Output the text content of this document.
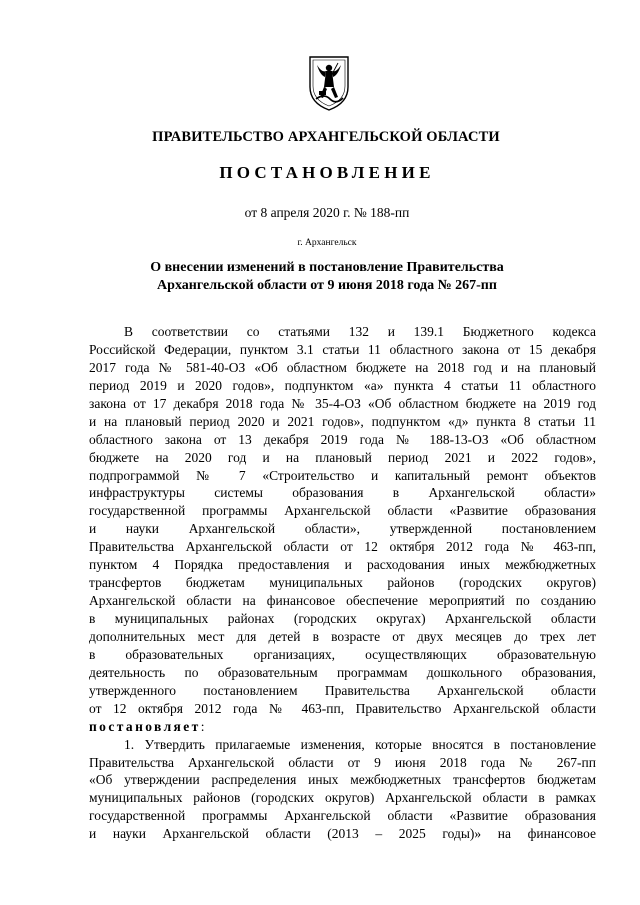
ПРАВИТЕЛЬСТВО АРХАНГЕЛЬСКОЙ ОБЛАСТИ
ПОСТАНОВЛЕНИЕ
от 8 апреля 2020 г. № 188-пп
г. Архангельск
О внесении изменений в постановление Правительства
Архангельской области от 9 июня 2018 года № 267-пп
В соответствии со статьями 132 и 139.1 Бюджетного кодекса
Российской Федерации, пунктом 3.1 статьи 11 областного закона от 15 декабря
2017 года № 581-40-ОЗ «Об областном бюджете на 2018 год и на плановый
период 2019 и 2020 годов», подпунктом «а» пункта 4 статьи 11 областного
закона от 17 декабря 2018 года № 35-4-ОЗ «Об областном бюджете на 2019 год
и на плановый период 2020 и 2021 годов», подпунктом «д» пункта 8 статьи 11
областного закона от 13 декабря 2019 года № 188-13-ОЗ «Об областном
бюджете на 2020 год и на плановый период 2021 и 2022 годов»,
подпрограммой № 7 «Строительство и капитальный ремонт объектов
инфраструктуры системы образования в Архангельской области»
государственной программы Архангельской области «Развитие образования
и науки Архангельской области», утвержденной постановлением
Правительства Архангельской области от 12 октября 2012 года № 463-пп,
пунктом 4 Порядка предоставления и расходования иных межбюджетных
трансфертов бюджетам муниципальных районов (городских округов)
Архангельской области на финансовое обеспечение мероприятий по созданию
в муниципальных районах (городских округах) Архангельской области
дополнительных мест для детей в возрасте от двух месяцев до трех лет
в образовательных организациях, осуществляющих образовательную
деятельность по образовательным программам дошкольного образования,
утвержденного постановлением Правительства Архангельской области
от 12 октября 2012 года № 463-пп, Правительство Архангельской области
постановляет:
1. Утвердить прилагаемые изменения, которые вносятся в постановление
Правительства Архангельской области от 9 июня 2018 года № 267-пп
«Об утверждении распределения иных межбюджетных трансфертов бюджетам
муниципальных районов (городских округов) Архангельской области в рамках
государственной программы Архангельской области «Развитие образования
и науки Архангельской области (2013 – 2025 годы)» на финансовое
